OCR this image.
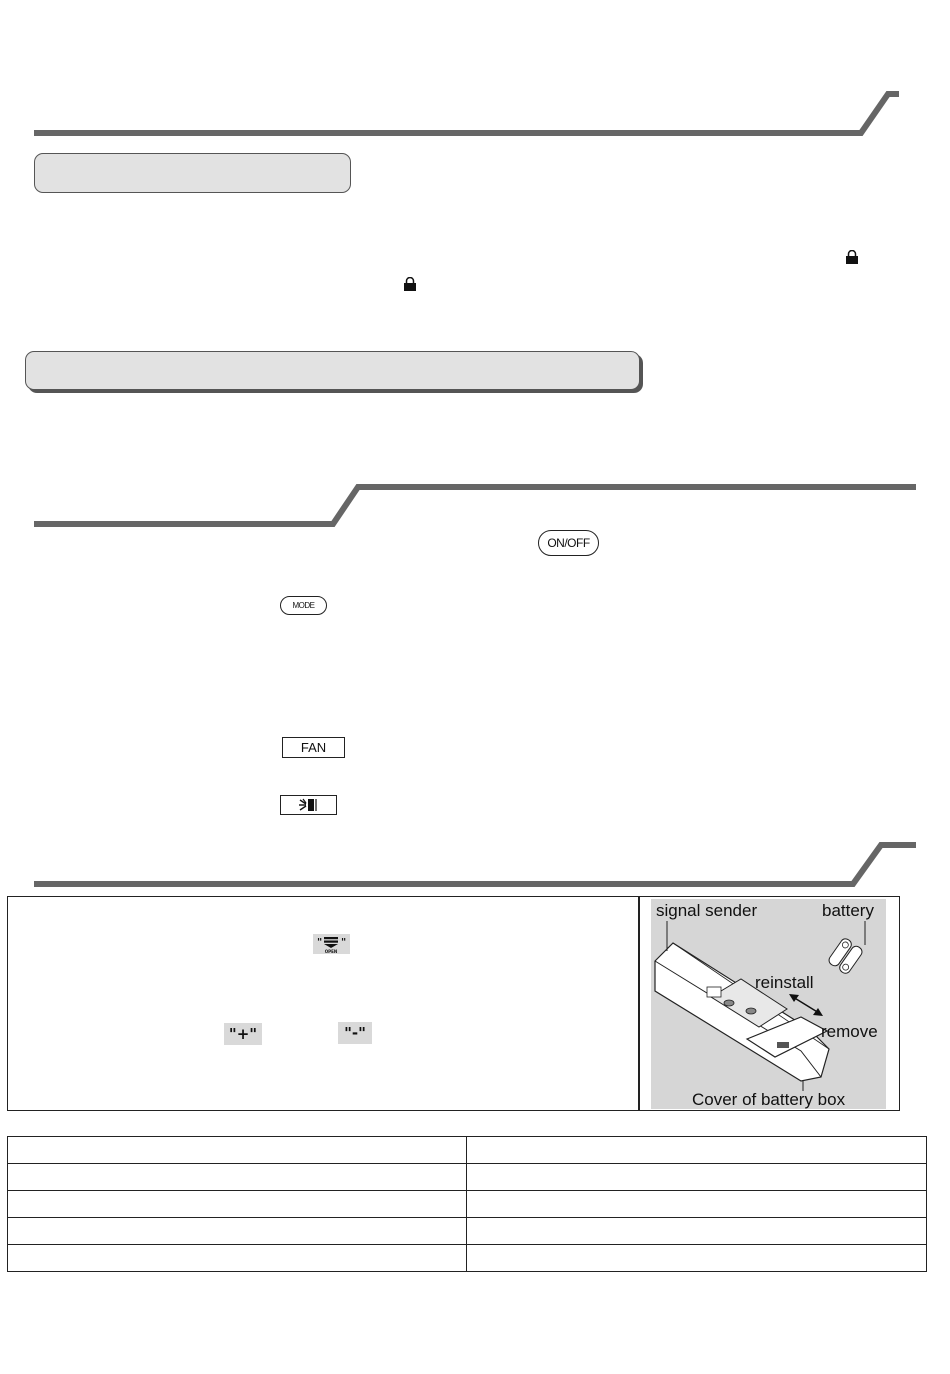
ON/OFF
MODE
FAN
" "
OPEN
"+"	"-"
signal sender	battery
reinstall
remove
Cover of battery box
